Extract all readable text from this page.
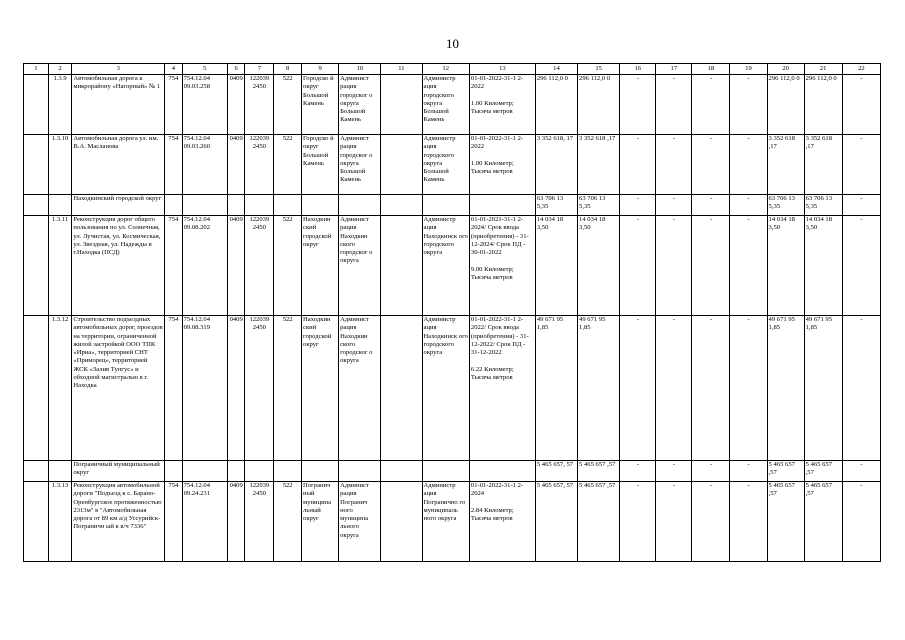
10
1	2	3	4	5	6	7	8	9	10	11	12	13	14	15	16	17	18	19	20	21	22
	1.3.9	Автомобильная дорога к микрорайону «Нагорный» № 1	754	754.12.04 09.03.258	0409	122039 2450	522	Городско й округ Большой Камень	Админист рация городског о округа Большой Камень		Администр ация городского округа Большой Камень	01-01-2022-31-1 2-2022

1.00 Километр; Тысяча метров	296 112,0 0	296 112,0 0	-	-	-	-	296 112,0 0	296 112,0 0	-
	1.3.10	Автомобильная дорога ул. им. В.А. Масланова	754	754.12.04 09.03.260	0409	122039 2450	522	Городско й округ Большой Камень	Админист рация городског о округа Большой Камень		Администр ация городского округа Большой Камень	01-01-2022-31-1 2-2022

1.00 Километр; Тысяча метров	3 352 618, 17	3 352 618 ,17	-	-	-	-	3 352 618 ,17	3 352 618 ,17	-
		Находкинский городской округ											63 706 13 5,35	63 706 13 5,35	-	-	-	-	63 706 13 5,35	63 706 13 5,35	-
	1.3.11	Реконструкция дорог общего пользования по ул. Солнечная, ул. Лучистая, ул. Космическая, ул. Звездная, ул. Надежды в г.Находка (ПСД)	754	754.12.04 09.08.202	0409	122039 2450	522	Находкин ский городской округ	Админист рация Находкин ского городског о округа		Администр ация Находкинск ого городского округа	01-01-2021-31-1 2-2024/ Срок ввода (приобретения) - 31-12-2024/ Срок ПД - 30-01-2022

9.00 Километр; Тысяча метров	14 034 18 3,50	14 034 18 3,50	-	-	-	-	14 034 18 3,50	14 034 18 3,50	-
	1.3.12	Строительство подъездных автомобильных дорог, проездов на территории, ограниченной жилой застройкой ООО ТПК «Ирна», территорией СНТ «Приморец», территорией ЖСК «Залив Тунгус» и обходной магистралью в г. Находка	754	754.12.04 09.08.319	0409	122039 2450	522	Находкин ский городской округ	Админист рация Находкин ского городског о округа		Администр ация Находкинск ого городского округа	01-01-2022-31-1 2-2022/ Срок ввода (приобретения) - 31-12-2022/ Срок ПД - 31-12-2022

6.22 Километр; Тысяча метров	49 671 95 1,85	49 671 95 1,85	-	-	-	-	49 671 95 1,85	49 671 95 1,85	-
		Пограничный муниципальный округ											5 465 657, 57	5 465 657 ,57	-	-	-	-	5 465 657 ,57	5 465 657 ,57	-
	1.3.13	Реконструкция автомобильной дороги "Подъезд к с. Барано-Оренбургское протяженностью 2313м" в "Автомобильная дорога от 89 км а/д Уссурийск-Пограничн ый к в/ч 7336"	754	754.12.04 09.24.231	0409	122039 2450	522	Погранич ный муниципа льный округ	Админист рация Погранич ного муниципа льного округа		Администр ация Погранично го муниципаль ного округа	01-01-2022-31-1 2-2024

2.84 Километр; Тысяча метров	5 465 657, 57	5 465 657 ,57	-	-	-	-	5 465 657 ,57	5 465 657 ,57	-
